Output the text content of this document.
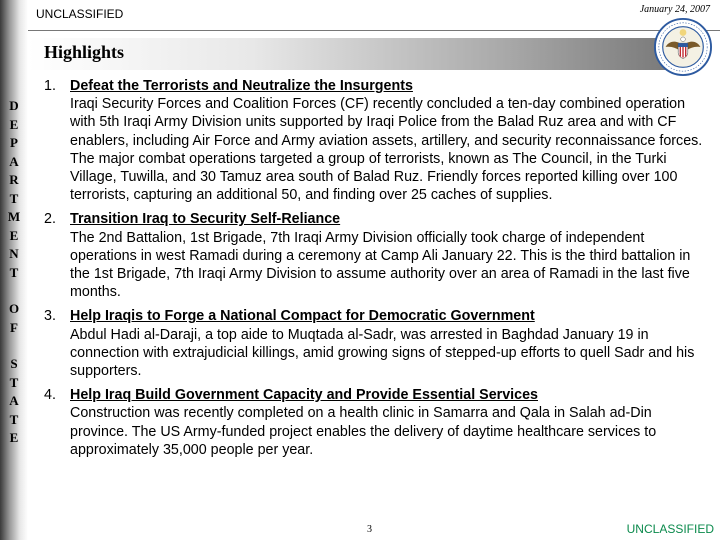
D
E
P
A
R
T
M
E
N
T
O
F
S
T
A
T
E
UNCLASSIFIED	January 24, 2007
Highlights
1. Defeat the Terrorists and Neutralize the Insurgents
Iraqi Security Forces and Coalition Forces (CF) recently concluded a ten-day combined operation with 5th Iraqi Army Division units supported by Iraqi Police from the Balad Ruz area and with CF enablers, including Air Force and Army aviation assets, artillery, and security reconnaissance forces. The major combat operations targeted a group of terrorists, known as The Council, in the Turki Village, Tuwilla, and 30 Tamuz area south of Balad Ruz. Friendly forces reported killing over 100 terrorists, capturing an additional 50, and finding over 25 caches of supplies.
2. Transition Iraq to Security Self-Reliance
The 2nd Battalion, 1st Brigade, 7th Iraqi Army Division officially took charge of independent operations in west Ramadi during a ceremony at Camp Ali January 22. This is the third battalion in the 1st Brigade, 7th Iraqi Army Division to assume authority over an area of Ramadi in the last five months.
3. Help Iraqis to Forge a National Compact for Democratic Government
Abdul Hadi al-Daraji, a top aide to Muqtada al-Sadr, was arrested in Baghdad January 19 in connection with extrajudicial killings, amid growing signs of stepped-up efforts to quell Sadr and his supporters.
4. Help Iraq Build Government Capacity and Provide Essential Services
Construction was recently completed on a health clinic in Samarra and Qala in Salah ad-Din province. The US Army-funded project enables the delivery of daytime healthcare services to approximately 35,000 people per year.
3	UNCLASSIFIED
